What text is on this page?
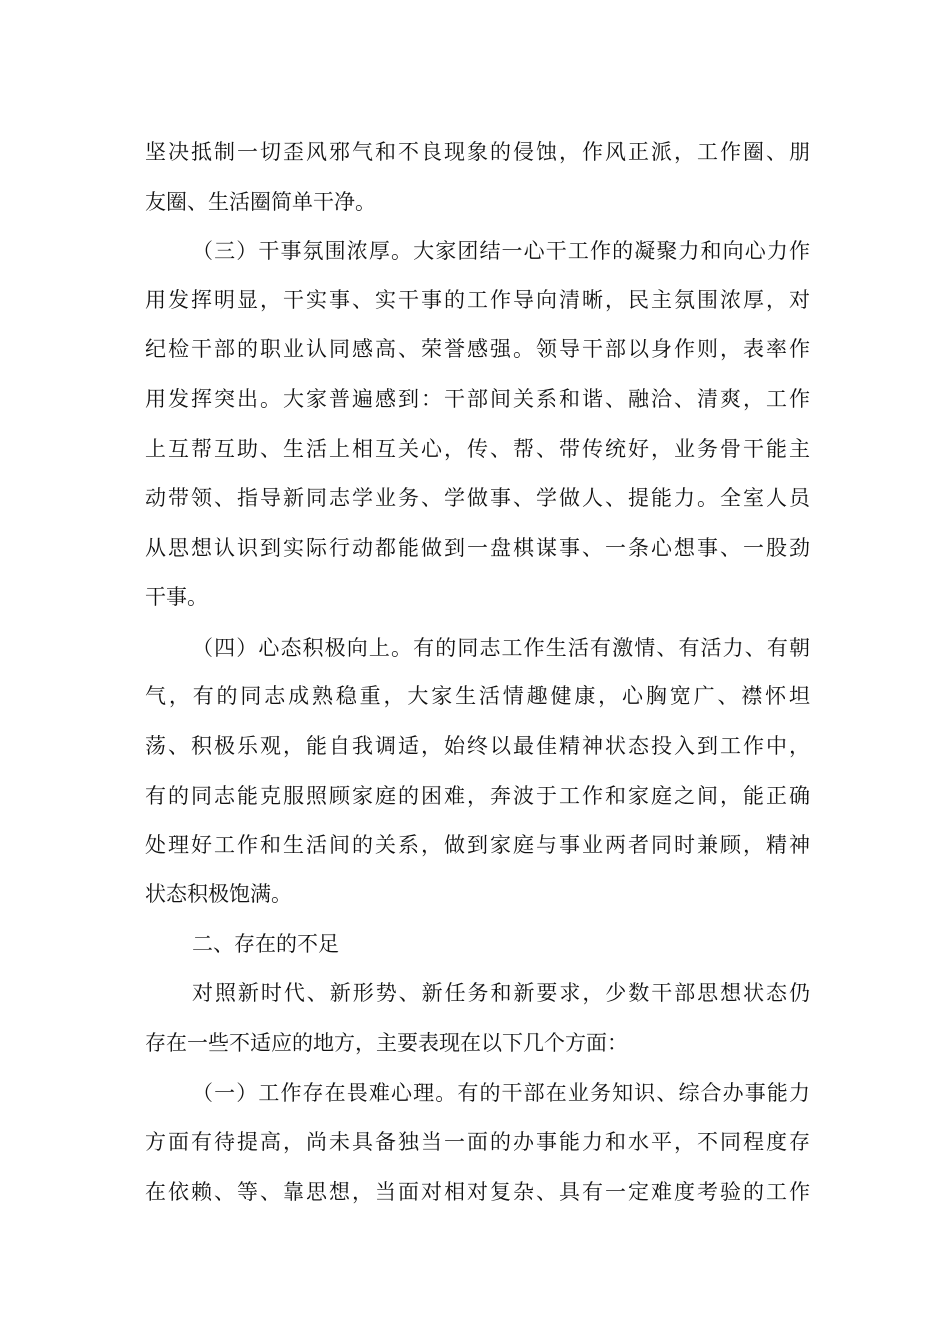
坚决抵制一切歪风邪气和不良现象的侵蚀，作风正派，工作圈、朋
友圈、生活圈简单干净。
（三）干事氛围浓厚。大家团结一心干工作的凝聚力和向心力作
用发挥明显，干实事、实干事的工作导向清晰，民主氛围浓厚，对
纪检干部的职业认同感高、荣誉感强。领导干部以身作则，表率作
用发挥突出。大家普遍感到：干部间关系和谐、融洽、清爽，工作
上互帮互助、生活上相互关心，传、帮、带传统好，业务骨干能主
动带领、指导新同志学业务、学做事、学做人、提能力。全室人员
从思想认识到实际行动都能做到一盘棋谋事、一条心想事、一股劲
干事。
（四）心态积极向上。有的同志工作生活有激情、有活力、有朝
气，有的同志成熟稳重，大家生活情趣健康，心胸宽广、襟怀坦
荡、积极乐观，能自我调适，始终以最佳精神状态投入到工作中，
有的同志能克服照顾家庭的困难，奔波于工作和家庭之间，能正确
处理好工作和生活间的关系，做到家庭与事业两者同时兼顾，精神
状态积极饱满。
二、存在的不足
对照新时代、新形势、新任务和新要求，少数干部思想状态仍
存在一些不适应的地方，主要表现在以下几个方面：
（一）工作存在畏难心理。有的干部在业务知识、综合办事能力
方面有待提高，尚未具备独当一面的办事能力和水平，不同程度存
在依赖、等、靠思想，当面对相对复杂、具有一定难度考验的工作
